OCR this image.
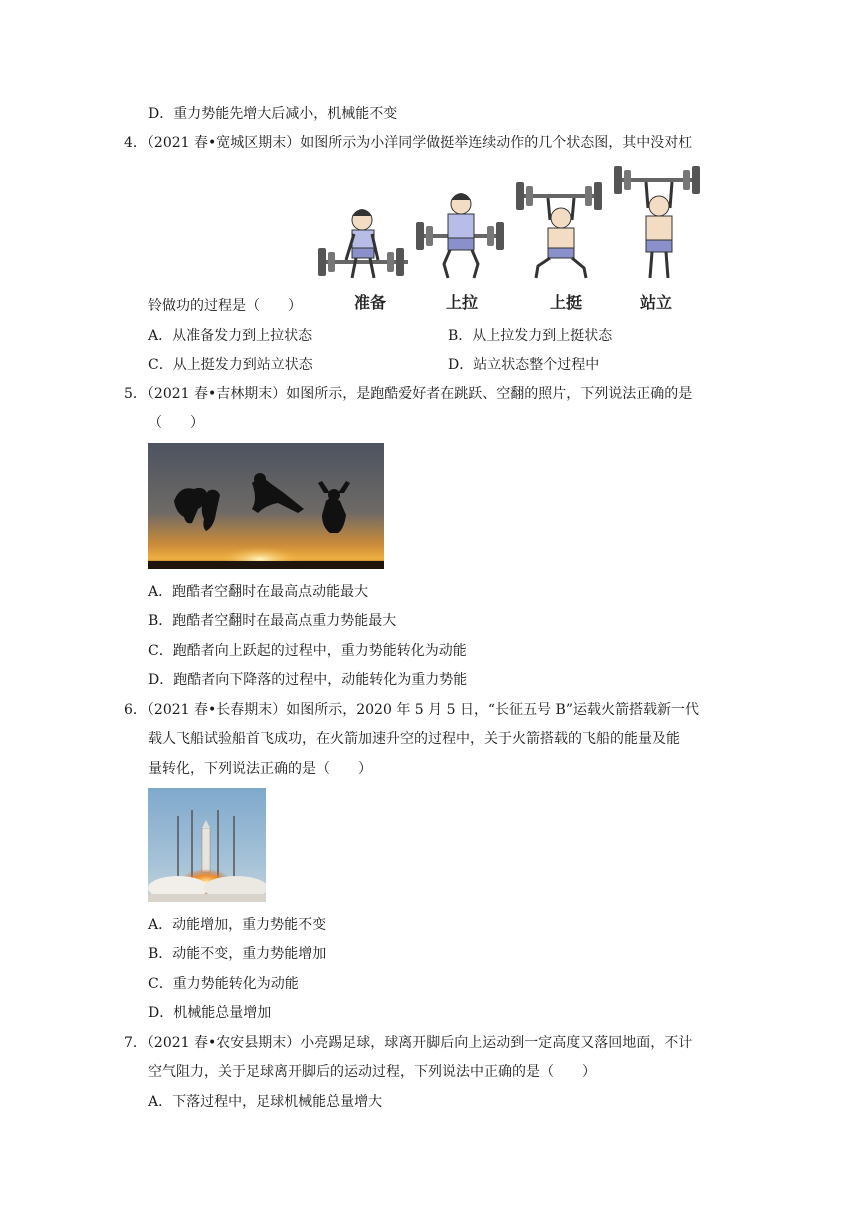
D．重力势能先增大后减小，机械能不变
4．（2021 春•宽城区期末）如图所示为小洋同学做挺举连续动作的几个状态图，其中没对杠
准备	上拉	上挺	站立
铃做功的过程是（　　）
A．从准备发力到上拉状态	B．从上拉发力到上挺状态
C．从上挺发力到站立状态	D．站立状态整个过程中
5．（2021 春•吉林期末）如图所示，是跑酷爱好者在跳跃、空翻的照片，下列说法正确的是
（　　）
A．跑酷者空翻时在最高点动能最大
B．跑酷者空翻时在最高点重力势能最大
C．跑酷者向上跃起的过程中，重力势能转化为动能
D．跑酷者向下降落的过程中，动能转化为重力势能
6．（2021 春•长春期末）如图所示，2020 年 5 月 5 日，“长征五号 B”运载火箭搭载新一代
载人飞船试验船首飞成功，在火箭加速升空的过程中，关于火箭搭载的飞船的能量及能
量转化，下列说法正确的是（　　）
A．动能增加，重力势能不变
B．动能不变，重力势能增加
C．重力势能转化为动能
D．机械能总量增加
7．（2021 春•农安县期末）小亮踢足球，球离开脚后向上运动到一定高度又落回地面，不计
空气阻力，关于足球离开脚后的运动过程，下列说法中正确的是（　　）
A．下落过程中，足球机械能总量增大
